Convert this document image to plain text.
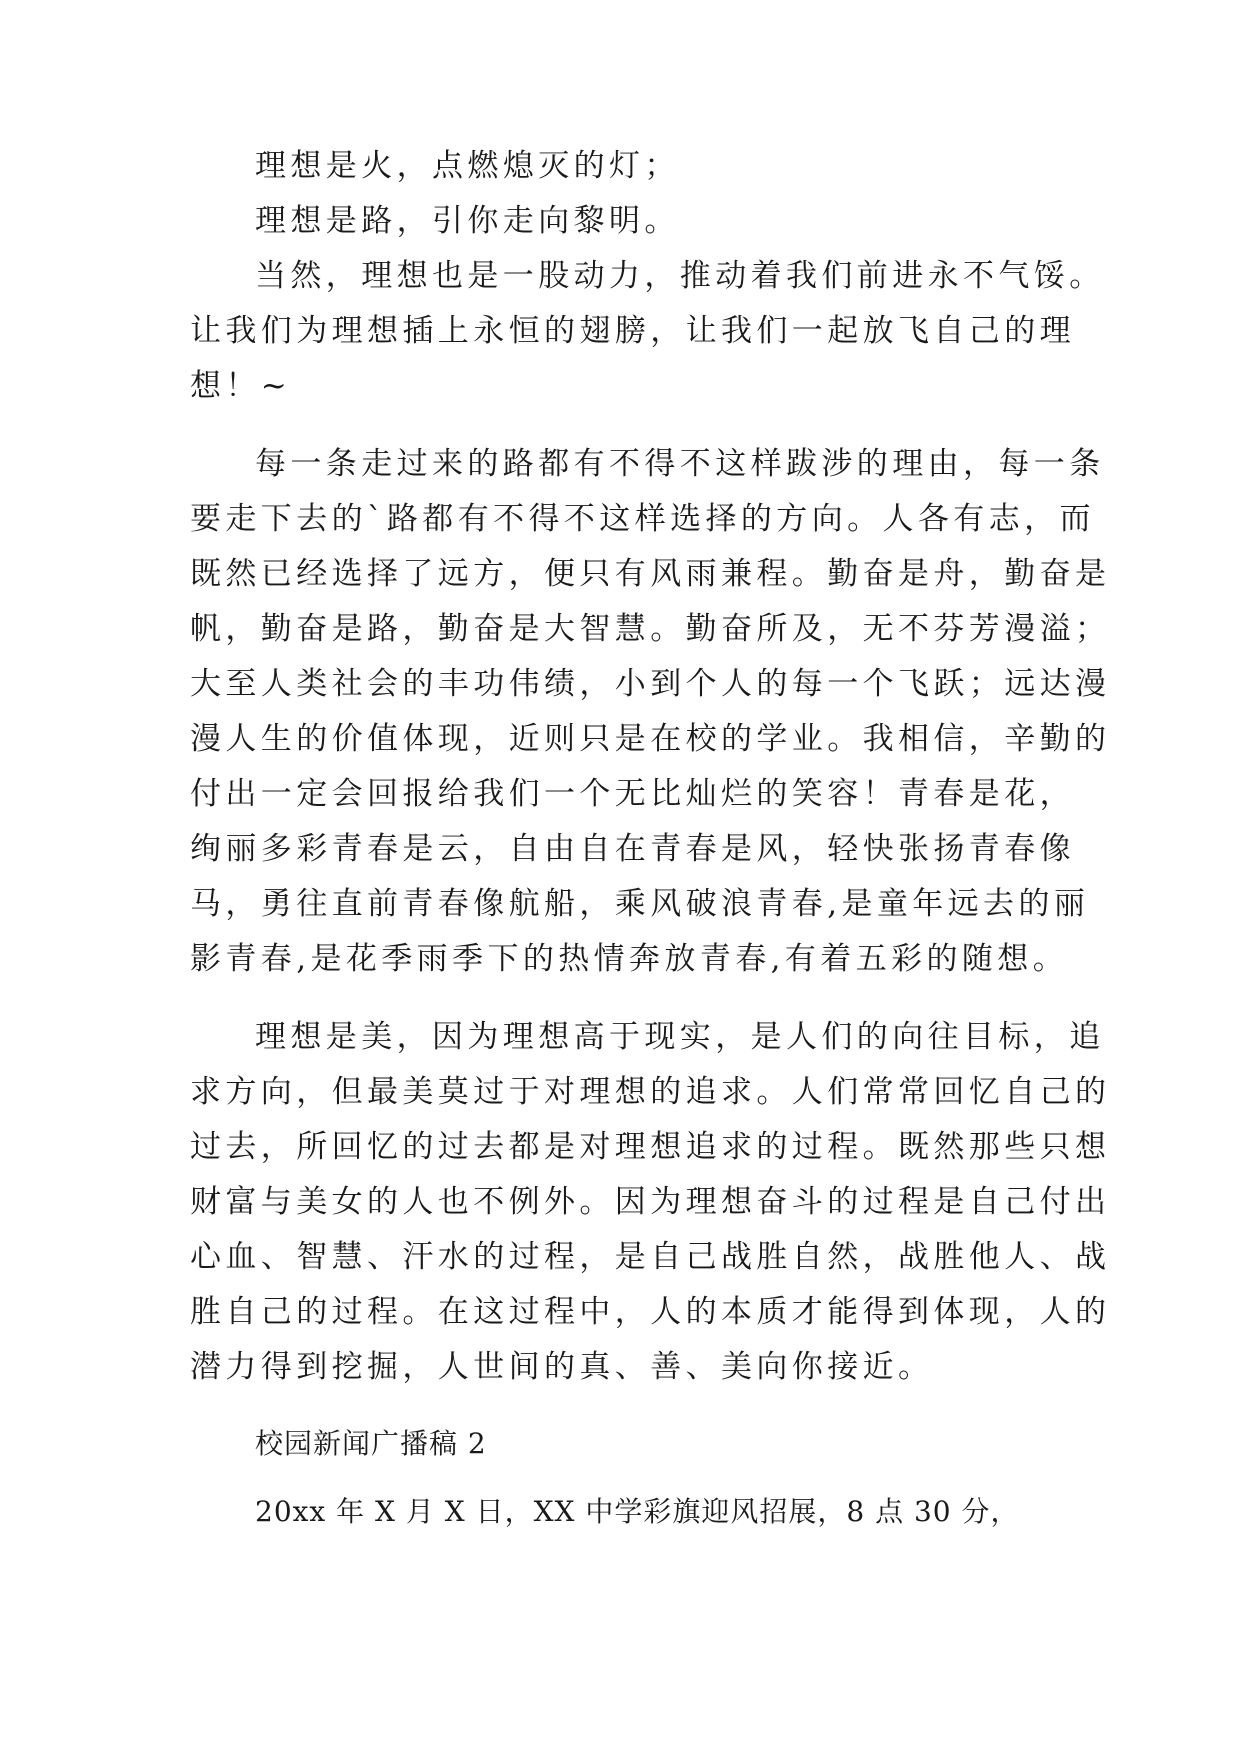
理想是火，点燃熄灭的灯；
理想是路，引你走向黎明。
当然，理想也是一股动力，推动着我们前进永不气馁。
让我们为理想插上永恒的翅膀，让我们一起放飞自己的理
想！~
每一条走过来的路都有不得不这样跋涉的理由，每一条
要走下去的`路都有不得不这样选择的方向。人各有志，而
既然已经选择了远方，便只有风雨兼程。勤奋是舟，勤奋是
帆，勤奋是路，勤奋是大智慧。勤奋所及，无不芬芳漫溢；
大至人类社会的丰功伟绩，小到个人的每一个飞跃；远达漫
漫人生的价值体现，近则只是在校的学业。我相信，辛勤的
付出一定会回报给我们一个无比灿烂的笑容！青春是花，
绚丽多彩青春是云，自由自在青春是风，轻快张扬青春像
马，勇往直前青春像航船，乘风破浪青春,是童年远去的丽
影青春,是花季雨季下的热情奔放青春,有着五彩的随想。
理想是美，因为理想高于现实，是人们的向往目标，追
求方向，但最美莫过于对理想的追求。人们常常回忆自己的
过去，所回忆的过去都是对理想追求的过程。既然那些只想
财富与美女的人也不例外。因为理想奋斗的过程是自己付出
心血、智慧、汗水的过程，是自己战胜自然，战胜他人、战
胜自己的过程。在这过程中，人的本质才能得到体现，人的
潜力得到挖掘，人世间的真、善、美向你接近。
校园新闻广播稿 2
20xx 年 X 月 X 日，XX 中学彩旗迎风招展，8 点 30 分，
